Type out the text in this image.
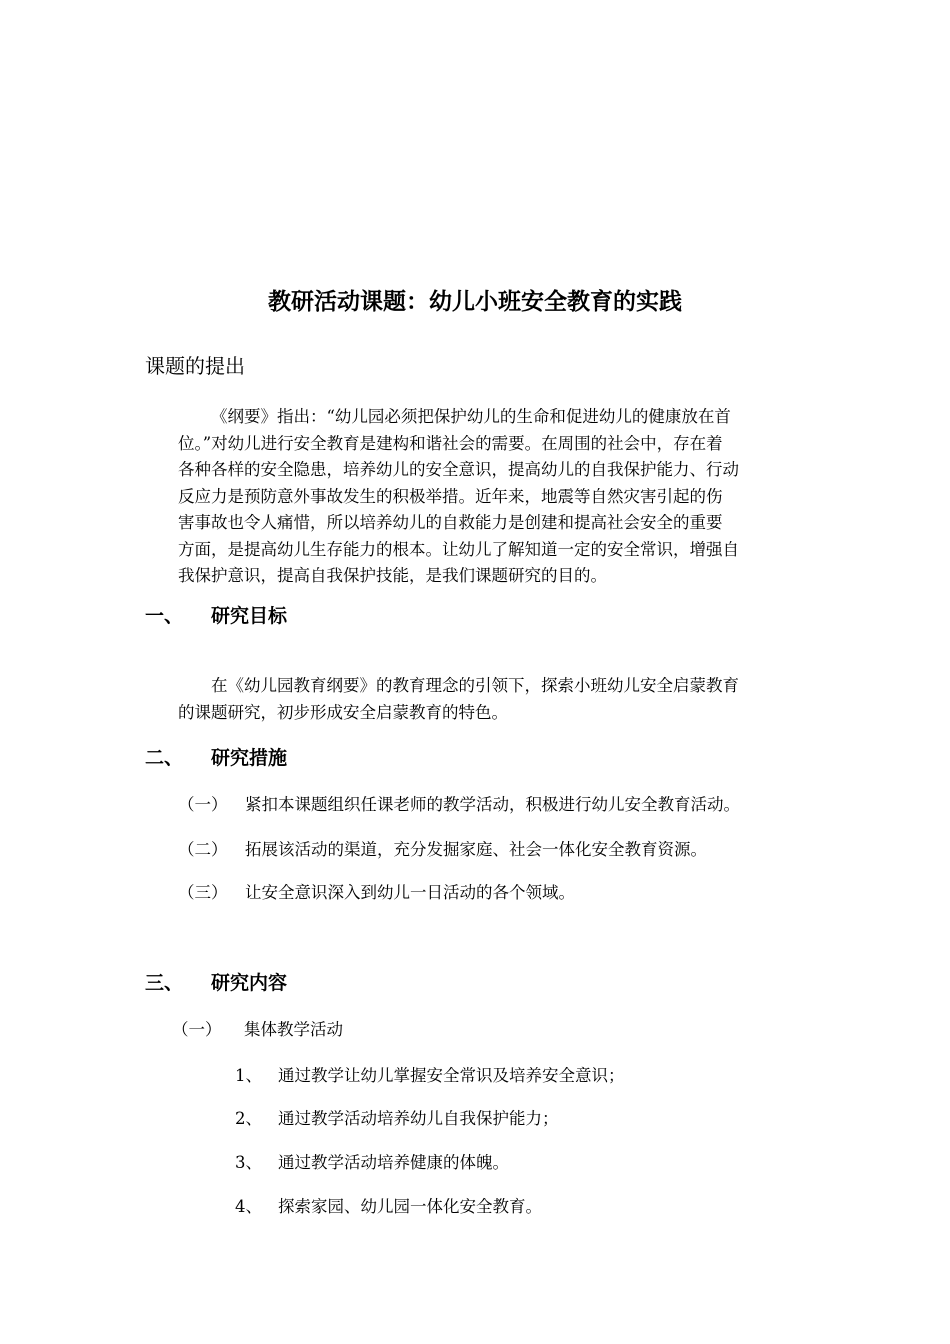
教研活动课题：幼儿小班安全教育的实践
课题的提出

《纲要》指出：“幼儿园必须把保护幼儿的生命和促进幼儿的健康放在首

位。”对幼儿进行安全教育是建构和谐社会的需要。在周围的社会中，存在着

各种各样的安全隐患，培养幼儿的安全意识，提高幼儿的自我保护能力、行动

反应力是预防意外事故发生的积极举措。近年来，地震等自然灾害引起的伤

害事故也令人痛惜，所以培养幼儿的自救能力是创建和提高社会安全的重要

方面，是提高幼儿生存能力的根本。让幼儿了解知道一定的安全常识，增强自

我保护意识，提高自我保护技能，是我们课题研究的目的。

一、 研究目标

在《幼儿园教育纲要》的教育理念的引领下，探索小班幼儿安全启蒙教育

的课题研究，初步形成安全启蒙教育的特色。

二、 研究措施
（一） 紧扣本课题组织任课老师的教学活动，积极进行幼儿安全教育活动。
（二） 拓展该活动的渠道，充分发掘家庭、社会一体化安全教育资源。
（三） 让安全意识深入到幼儿一日活动的各个领域。
三、 研究内容
（一） 集体教学活动
1、 通过教学让幼儿掌握安全常识及培养安全意识；
2、 通过教学活动培养幼儿自我保护能力；
3、 通过教学活动培养健康的体魄。
4、 探索家园、幼儿园一体化安全教育。
